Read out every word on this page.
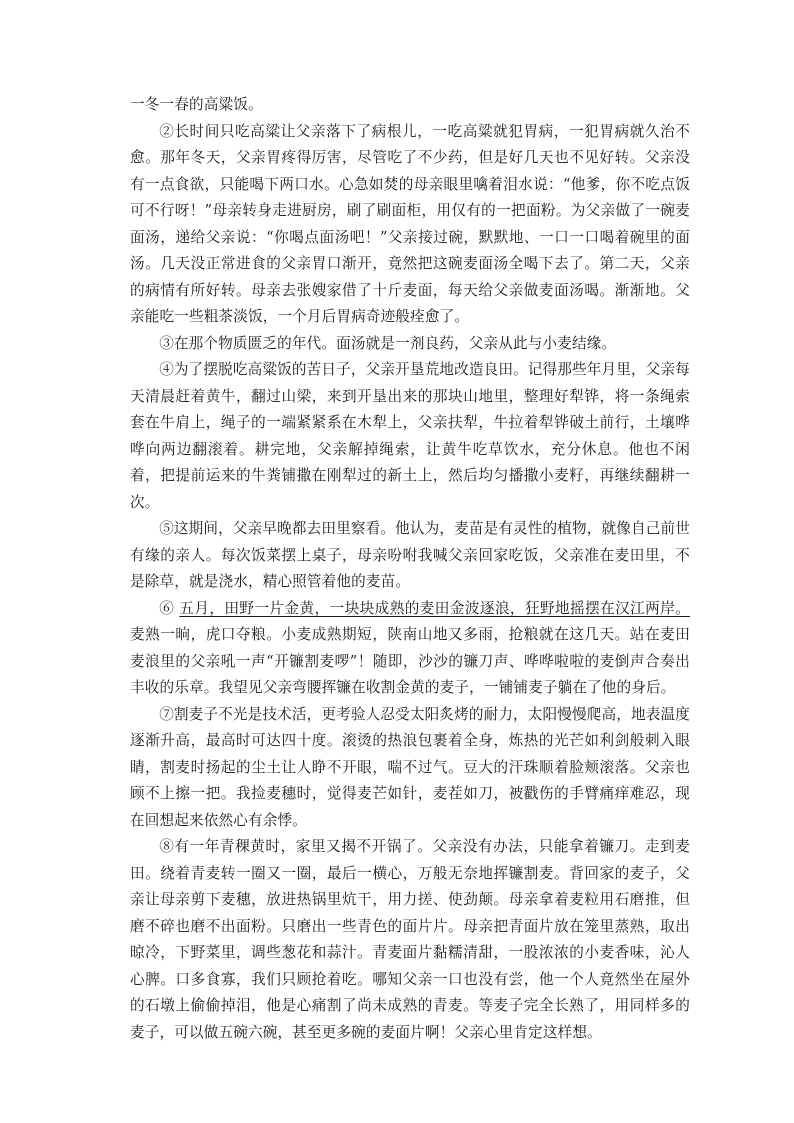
一冬一春的高粱饭。

②长时间只吃高粱让父亲落下了病根儿，一吃高粱就犯胃病，一犯胃病就久治不愈。那年冬天，父亲胃疼得厉害，尽管吃了不少药，但是好几天也不见好转。父亲没有一点食欲，只能喝下两口水。心急如焚的母亲眼里噙着泪水说：“他爹，你不吃点饭可不行呀！”母亲转身走进厨房，刷了刷面柜，用仅有的一把面粉。为父亲做了一碗麦面汤，递给父亲说：“你喝点面汤吧！”父亲接过碗，默默地、一口一口喝着碗里的面汤。几天没正常进食的父亲胃口渐开，竟然把这碗麦面汤全喝下去了。第二天，父亲的病情有所好转。母亲去张嫂家借了十斤麦面，每天给父亲做麦面汤喝。渐渐地。父亲能吃一些粗茶淡饭，一个月后胃病奇迹般痊愈了。

③在那个物质匮乏的年代。面汤就是一剂良药，父亲从此与小麦结缘。

④为了摆脱吃高粱饭的苦日子，父亲开垦荒地改造良田。记得那些年月里，父亲每天清晨赶着黄牛，翻过山梁，来到开垦出来的那块山地里，整理好犁铧，将一条绳索套在牛肩上，绳子的一端紧紧系在木犁上，父亲扶犁，牛拉着犁铧破土前行，土壤哗哗向两边翻滚着。耕完地，父亲解掉绳索，让黄牛吃草饮水，充分休息。他也不闲着，把提前运来的牛粪铺撒在刚犁过的新土上，然后均匀播撒小麦籽，再继续翻耕一次。

⑤这期间，父亲早晚都去田里察看。他认为，麦苗是有灵性的植物，就像自己前世有缘的亲人。每次饭菜摆上桌子，母亲吩咐我喊父亲回家吃饭，父亲准在麦田里，不是除草，就是浇水，精心照管着他的麦苗。

⑥ 五月，田野一片金黄，一块块成熟的麦田金波逐浪，狂野地摇摆在汉江两岸。麦熟一晌，虎口夺粮。小麦成熟期短，陕南山地又多雨，抢粮就在这几天。站在麦田麦浪里的父亲吼一声“开镰割麦啰”！随即，沙沙的镰刀声、哗哗啦啦的麦倒声合奏出丰收的乐章。我望见父亲弯腰挥镰在收割金黄的麦子，一铺铺麦子躺在了他的身后。

⑦割麦子不光是技术活，更考验人忍受太阳炙烤的耐力，太阳慢慢爬高，地表温度逐渐升高，最高时可达四十度。滚烫的热浪包裹着全身，炼热的光芒如利剑般刺入眼睛，割麦时扬起的尘土让人睁不开眼，喘不过气。豆大的汗珠顺着脸颊滚落。父亲也顾不上擦一把。我捡麦穗时，觉得麦芒如针，麦茬如刀，被戳伤的手臂痛痒难忍，现在回想起来依然心有余悸。

⑧有一年青稞黄时，家里又揭不开锅了。父亲没有办法，只能拿着镰刀。走到麦田。绕着青麦转一圈又一圈，最后一横心，万般无奈地挥镰割麦。背回家的麦子，父亲让母亲剪下麦穗，放进热锅里炕干，用力搓、使劲颠。母亲拿着麦粒用石磨推，但磨不碎也磨不出面粉。只磨出一些青色的面片片。母亲把青面片放在笼里蒸熟，取出晾冷，下野菜里，调些葱花和蒜汁。青麦面片黏糯清甜，一股浓浓的小麦香味，沁人心脾。口多食寡，我们只顾抢着吃。哪知父亲一口也没有尝，他一个人竟然坐在屋外的石墩上偷偷掉泪，他是心痛割了尚未成熟的青麦。等麦子完全长熟了，用同样多的麦子，可以做五碗六碗，甚至更多碗的麦面片啊！父亲心里肯定这样想。
